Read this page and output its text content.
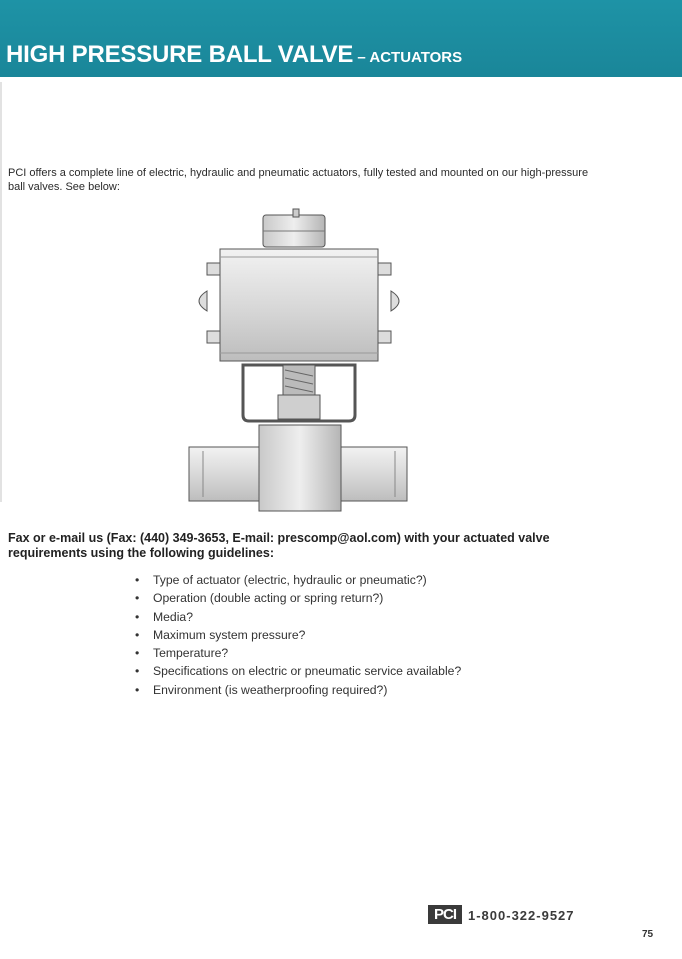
HIGH PRESSURE BALL VALVE – ACTUATORS

PCI offers a complete line of electric, hydraulic and pneumatic actuators, fully tested and mounted on our high-pressure ball valves. See below:

Fax or e-mail us (Fax: (440) 349-3653, E-mail: prescomp@aol.com) with your actuated valve requirements using the following guidelines:

• Type of actuator (electric, hydraulic or pneumatic?)
• Operation (double acting or spring return?)
• Media?
• Maximum system pressure?
• Temperature?
• Specifications on electric or pneumatic service available?
• Environment (is weatherproofing required?)
PCI 1-800-322-9527

75
